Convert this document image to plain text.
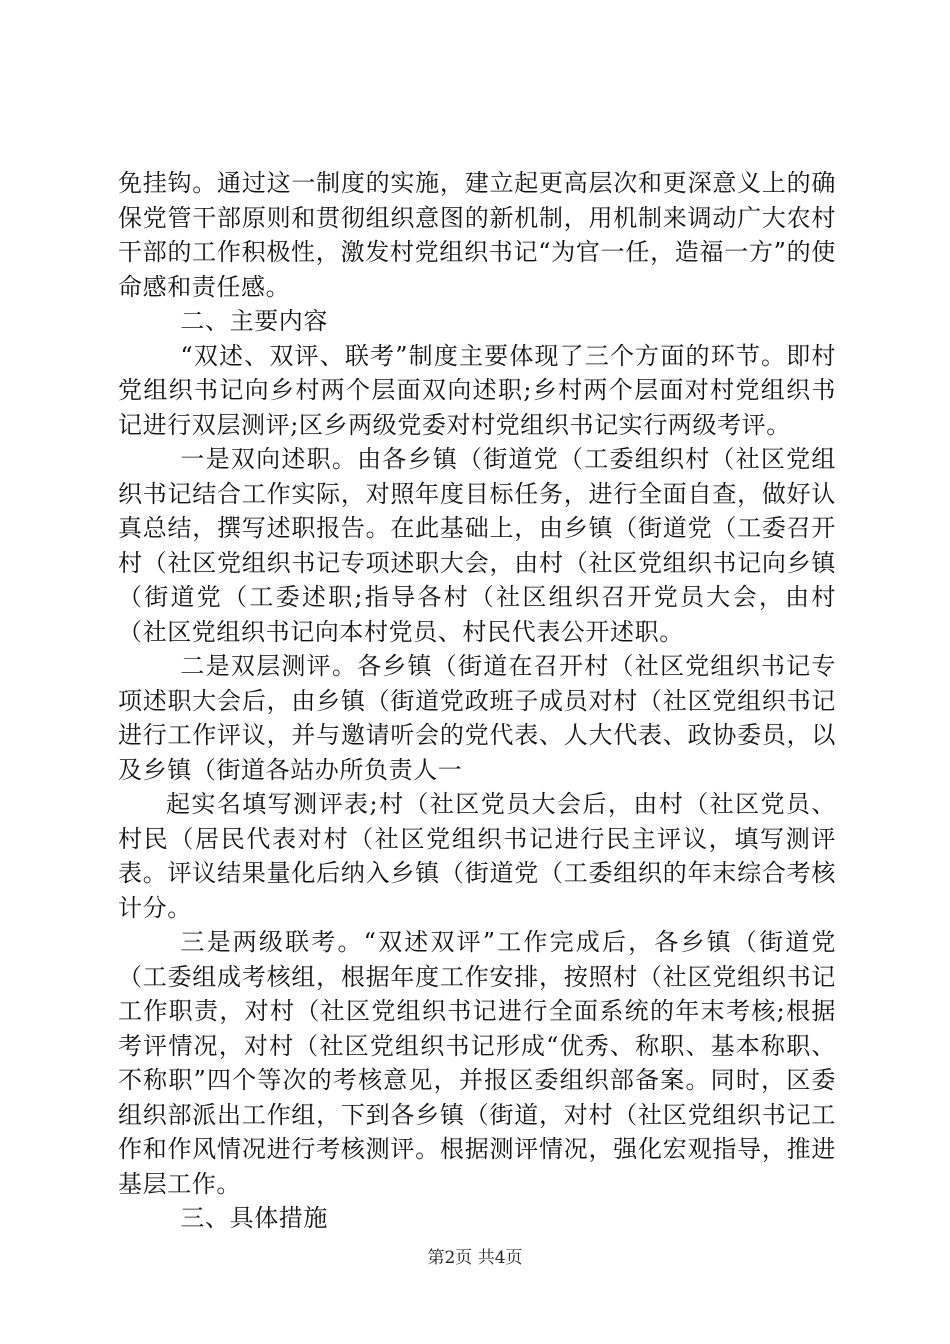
免挂钩。通过这一制度的实施，建立起更高层次和更深意义上的确保党管干部原则和贯彻组织意图的新机制，用机制来调动广大农村干部的工作积极性，激发村党组织书记“为官一任，造福一方”的使命感和责任感。

二、主要内容

“双述、双评、联考”制度主要体现了三个方面的环节。即村党组织书记向乡村两个层面双向述职;乡村两个层面对村党组织书记进行双层测评;区乡两级党委对村党组织书记实行两级考评。

一是双向述职。由各乡镇（街道党（工委组织村（社区党组织书记结合工作实际，对照年度目标任务，进行全面自查，做好认真总结，撰写述职报告。在此基础上，由乡镇（街道党（工委召开村（社区党组织书记专项述职大会，由村（社区党组织书记向乡镇（街道党（工委述职;指导各村（社区组织召开党员大会，由村（社区党组织书记向本村党员、村民代表公开述职。

二是双层测评。各乡镇（街道在召开村（社区党组织书记专项述职大会后，由乡镇（街道党政班子成员对村（社区党组织书记进行工作评议，并与邀请听会的党代表、人大代表、政协委员，以及乡镇（街道各站办所负责人一

起实名填写测评表;村（社区党员大会后，由村（社区党员、村民（居民代表对村（社区党组织书记进行民主评议，填写测评表。评议结果量化后纳入乡镇（街道党（工委组织的年末综合考核计分。

三是两级联考。“双述双评”工作完成后，各乡镇（街道党（工委组成考核组，根据年度工作安排，按照村（社区党组织书记工作职责，对村（社区党组织书记进行全面系统的年末考核;根据考评情况，对村（社区党组织书记形成“优秀、称职、基本称职、不称职”四个等次的考核意见，并报区委组织部备案。同时，区委组织部派出工作组，下到各乡镇（街道，对村（社区党组织书记工作和作风情况进行考核测评。根据测评情况，强化宏观指导，推进基层工作。

三、具体措施

第2页 共4页
